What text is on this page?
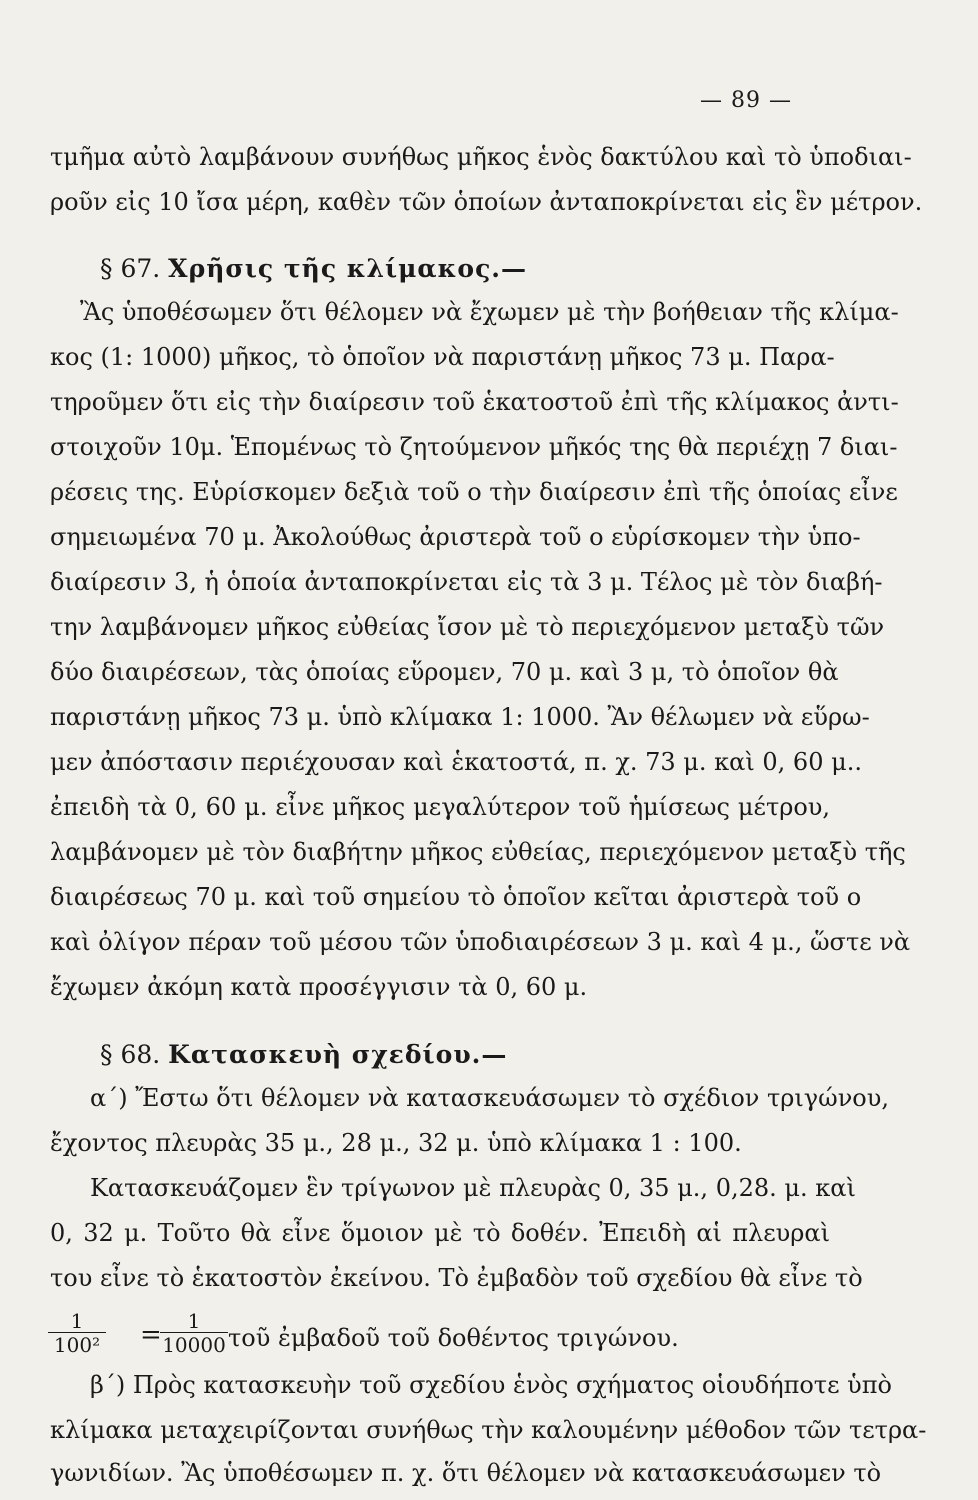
— 89 —
τμῆμα αὐτὸ λαμβάνουν συνήθως μῆκος ἑνὸς δακτύλου καὶ τὸ ὑποδιαι-
ροῦν εἰς 10 ἴσα μέρη, καθὲν τῶν ὁποίων ἀνταποκρίνεται εἰς ἓν μέτρον.
§ 67. Χρῆσις τῆς κλίμακος.—
Ἂς ὑποθέσωμεν ὅτι θέλομεν νὰ ἔχωμεν μὲ τὴν βοήθειαν τῆς κλίμα-
κος (1: 1000) μῆκος, τὸ ὁποῖον νὰ παριστάνῃ μῆκος 73 μ. Παρα-
τηροῦμεν ὅτι εἰς τὴν διαίρεσιν τοῦ ἑκατοστοῦ ἐπὶ τῆς κλίμακος ἀντι-
στοιχοῦν 10μ. Ἑπομένως τὸ ζητούμενον μῆκός της θὰ περιέχῃ 7 διαι-
ρέσεις της. Εὑρίσκομεν δεξιὰ τοῦ ο τὴν διαίρεσιν ἐπὶ τῆς ὁποίας εἶνε
σημειωμένα 70 μ. Ἀκολούθως ἀριστερὰ τοῦ ο εὑρίσκομεν τὴν ὑπο-
διαίρεσιν 3, ἡ ὁποία ἀνταποκρίνεται εἰς τὰ 3 μ. Τέλος μὲ τὸν διαβή-
την λαμβάνομεν μῆκος εὐθείας ἴσον μὲ τὸ περιεχόμενον μεταξὺ τῶν
δύο διαιρέσεων, τὰς ὁποίας εὕρομεν, 70 μ. καὶ 3 μ, τὸ ὁποῖον θὰ
παριστάνῃ μῆκος 73 μ. ὑπὸ κλίμακα 1: 1000. Ἂν θέλωμεν νὰ εὕρω-
μεν ἀπόστασιν περιέχουσαν καὶ ἑκατοστά, π. χ. 73 μ. καὶ 0, 60 μ..
ἐπειδὴ τὰ 0, 60 μ. εἶνε μῆκος μεγαλύτερον τοῦ ἡμίσεως μέτρου,
λαμβάνομεν μὲ τὸν διαβήτην μῆκος εὐθείας, περιεχόμενον μεταξὺ τῆς
διαιρέσεως 70 μ. καὶ τοῦ σημείου τὸ ὁποῖον κεῖται ἀριστερὰ τοῦ ο
καὶ ὀλίγον πέραν τοῦ μέσου τῶν ὑποδιαιρέσεων 3 μ. καὶ 4 μ., ὥστε νὰ
ἔχωμεν ἀκόμη κατὰ προσέγγισιν τὰ 0, 60 μ.
§ 68. Κατασκευὴ σχεδίου.—
α΄) Ἔστω ὅτι θέλομεν νὰ κατασκευάσωμεν τὸ σχέδιον τριγώνου,
ἔχοντος πλευρὰς 35 μ., 28 μ., 32 μ. ὑπὸ κλίμακα 1 : 100.
Κατασκευάζομεν ἓν τρίγωνον μὲ πλευρὰς 0, 35 μ., 0,28. μ. καὶ
0, 32 μ. Τοῦτο θὰ εἶνε ὅμοιον μὲ τὸ δοθέν. Ἐπειδὴ αἱ πλευραὶ
του εἶνε τὸ ἑκατοστὸν ἐκείνου. Τὸ ἐμβαδὸν τοῦ σχεδίου θὰ εἶνε τὸ
$\frac{1}{\text{100²}}$ =
$\frac{1}{10000}$ τοῦ ἐμβαδοῦ τοῦ δοθέντος τριγώνου.
β΄) Πρὸς κατασκευὴν τοῦ σχεδίου ἑνὸς σχήματος οἱουδήποτε ὑπὸ
κλίμακα μεταχειρίζονται συνήθως τὴν καλουμένην μέθοδον τῶν τετρα-
γωνιδίων. Ἂς ὑποθέσωμεν π. χ. ὅτι θέλομεν νὰ κατασκευάσωμεν τὸ
